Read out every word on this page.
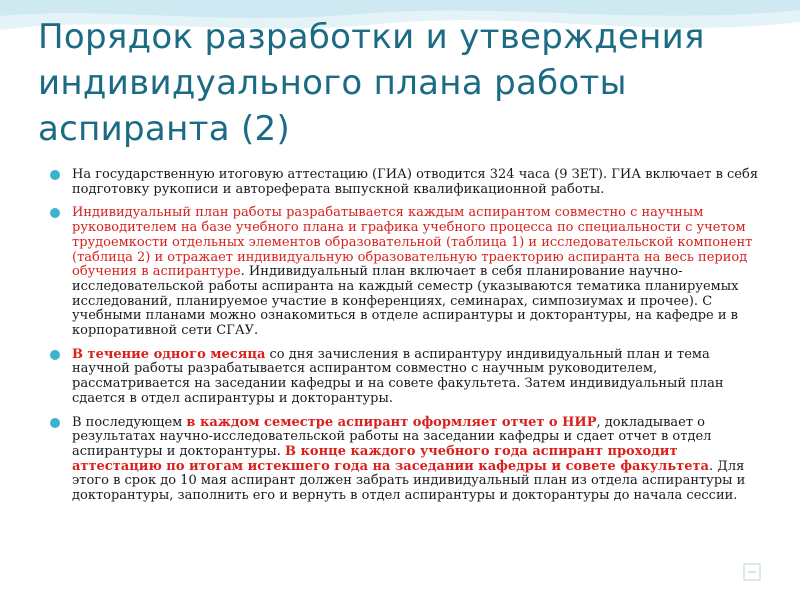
Порядок разработки и утверждения индивидуального плана работы аспиранта (2)
На государственную итоговую аттестацию (ГИА) отводится 324 часа (9 ЗЕТ). ГИА включает в себя подготовку рукописи и автореферата выпускной квалификационной работы.
Индивидуальный план работы разрабатывается каждым аспирантом совместно с научным руководителем на базе учебного плана и графика учебного процесса по специальности с учетом трудоемкости отдельных элементов образовательной (таблица 1) и исследовательской компонент (таблица 2) и отражает индивидуальную образовательную траекторию аспиранта на весь период обучения в аспирантуре. Индивидуальный план включает в себя планирование научно-исследовательской работы аспиранта на каждый семестр (указываются тематика планируемых исследований, планируемое участие в конференциях, семинарах, симпозиумах и прочее). С учебными планами можно ознакомиться в отделе аспирантуры и докторантуры, на кафедре и в корпоративной сети СГАУ.
В течение одного месяца со дня зачисления в аспирантуру индивидуальный план и тема научной работы разрабатывается аспирантом совместно с научным руководителем, рассматривается на заседании кафедры и на совете факультета. Затем индивидуальный план сдается в отдел аспирантуры и докторантуры.
В последующем в каждом семестре аспирант оформляет отчет о НИР, докладывает о результатах научно-исследовательской работы на заседании кафедры и сдает отчет в отдел аспирантуры и докторантуры. В конце каждого учебного года аспирант проходит аттестацию по итогам истекшего года на заседании кафедры и совете факультета. Для этого в срок до 10 мая аспирант должен забрать индивидуальный план из отдела аспирантуры и докторантуры, заполнить его и вернуть в отдел аспирантуры и докторантуры до начала сессии.
